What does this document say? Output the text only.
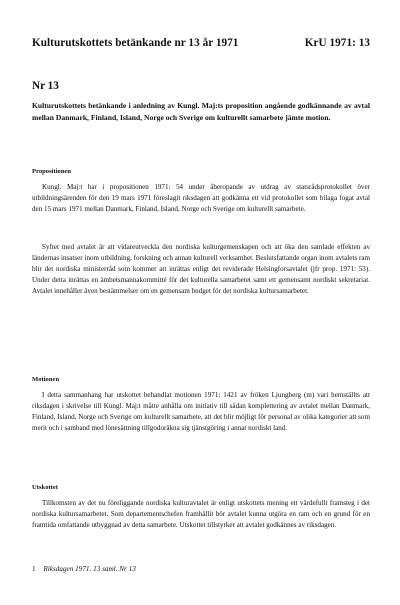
Kulturutskottets betänkande nr 13 år 1971	KrU 1971: 13
Nr 13
Kulturutskottets betänkande i anledning av Kungl. Maj:ts proposition angående godkännande av avtal mellan Danmark, Finland, Island, Norge och Sverige om kulturellt samarbete jämte motion.
Propositionen

Kungl. Maj:t har i propositionen 1971: 54 under åberopande av utdrag av statsrådsprotokollet över utbildningsärenden för den 19 mars 1971 föreslagit riksdagen att godkänna ett vid protokollet som bilaga fogat avtal den 15 mars 1971 mellan Danmark, Finland, Island, Norge och Sverige om kulturellt samarbete.

Syftet med avtalet är att vidareutveckla den nordiska kulturgemenskapen och att öka den samlade effekten av ländernas insatser inom utbildning, forskning och annan kulturell verksamhet. Beslutsfattande organ inom avtalets ram blir det nordiska ministerråd som kommer att inrättas enligt det reviderade Helsingforsavtalet (jfr prop. 1971: 53). Under detta inrättas en ämbetsmannakommitté för det kulturella samarbetet samt ett gemensamt nordiskt sekretariat. Avtalet innehåller även bestämmelser om en gemensam budget för det nordiska kultursamarbetet.

Motionen

I detta sammanhang har utskottet behandlat motionen 1971: 1421 av fröken Ljungberg (m) vari hemställts att riksdagen i skrivelse till Kungl. Maj:t måtte anhålla om initiativ till sådan komplettering av avtalet mellan Danmark, Finland, Island, Norge och Sverige om kulturellt samarbete, att det blir möjligt för personal av olika kategorier att som merit och i samband med lönesättning tillgodoräkna sig tjänstgöring i annat nordiskt land.

Utskottet

Tillkomsten av det nu föreliggande nordiska kulturavtalet är enligt utskottets mening ett värdefullt framsteg i det nordiska kultursamarbetet. Som departementschefen framhållit bör avtalet kunna utgöra en ram och en grund för en framtida omfattande utbyggnad av detta samarbete. Utskottet tillstyrker att avtalet godkännes av riksdagen.

1 Riksdagen 1971. 13 saml. Nr 13
